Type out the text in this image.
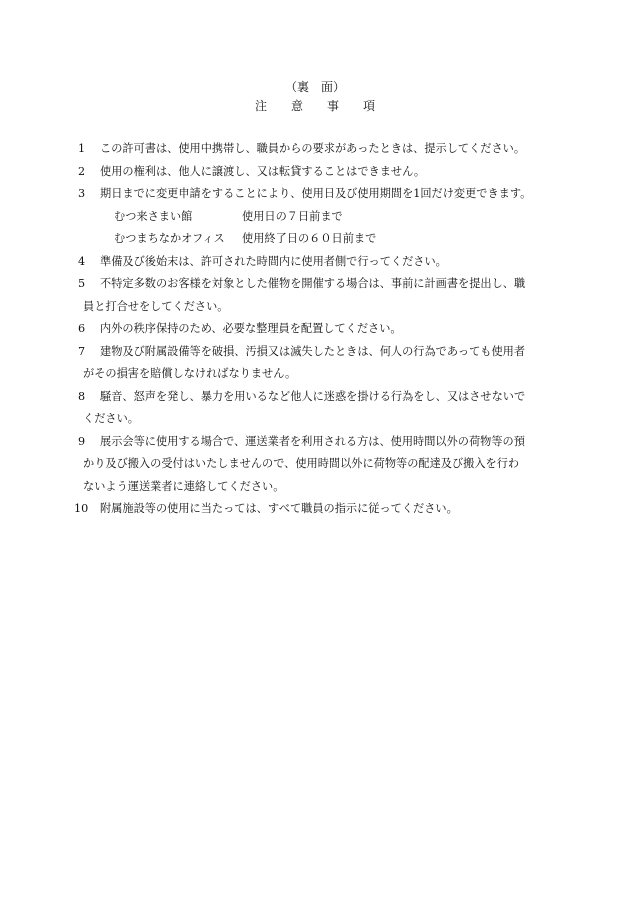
（裏　面）
注 意 事 項
1	この許可書は、使用中携帯し、職員からの要求があったときは、提示してください。
2	使用の権利は、他人に譲渡し、又は転貸することはできません。
3	期日までに変更申請をすることにより、使用日及び使用期間を1回だけ変更できます。
むつ来さまい館	使用日の７日前まで
むつまちなかオフィス 使用終了日の６０日前まで
4	準備及び後始末は、許可された時間内に使用者側で行ってください。
5	不特定多数のお客様を対象とした催物を開催する場合は、事前に計画書を提出し、職
員と打合せをしてください。
6	内外の秩序保持のため、必要な整理員を配置してください。
7	建物及び附属設備等を破損、汚損又は滅失したときは、何人の行為であっても使用者
がその損害を賠償しなければなりません。
8	騒音、怒声を発し、暴力を用いるなど他人に迷惑を掛ける行為をし、又はさせないで
ください。
9	展示会等に使用する場合で、運送業者を利用される方は、使用時間以外の荷物等の預
かり及び搬入の受付はいたしませんので、使用時間以外に荷物等の配達及び搬入を行わ
ないよう運送業者に連絡してください。
10 附属施設等の使用に当たっては、すべて職員の指示に従ってください。
